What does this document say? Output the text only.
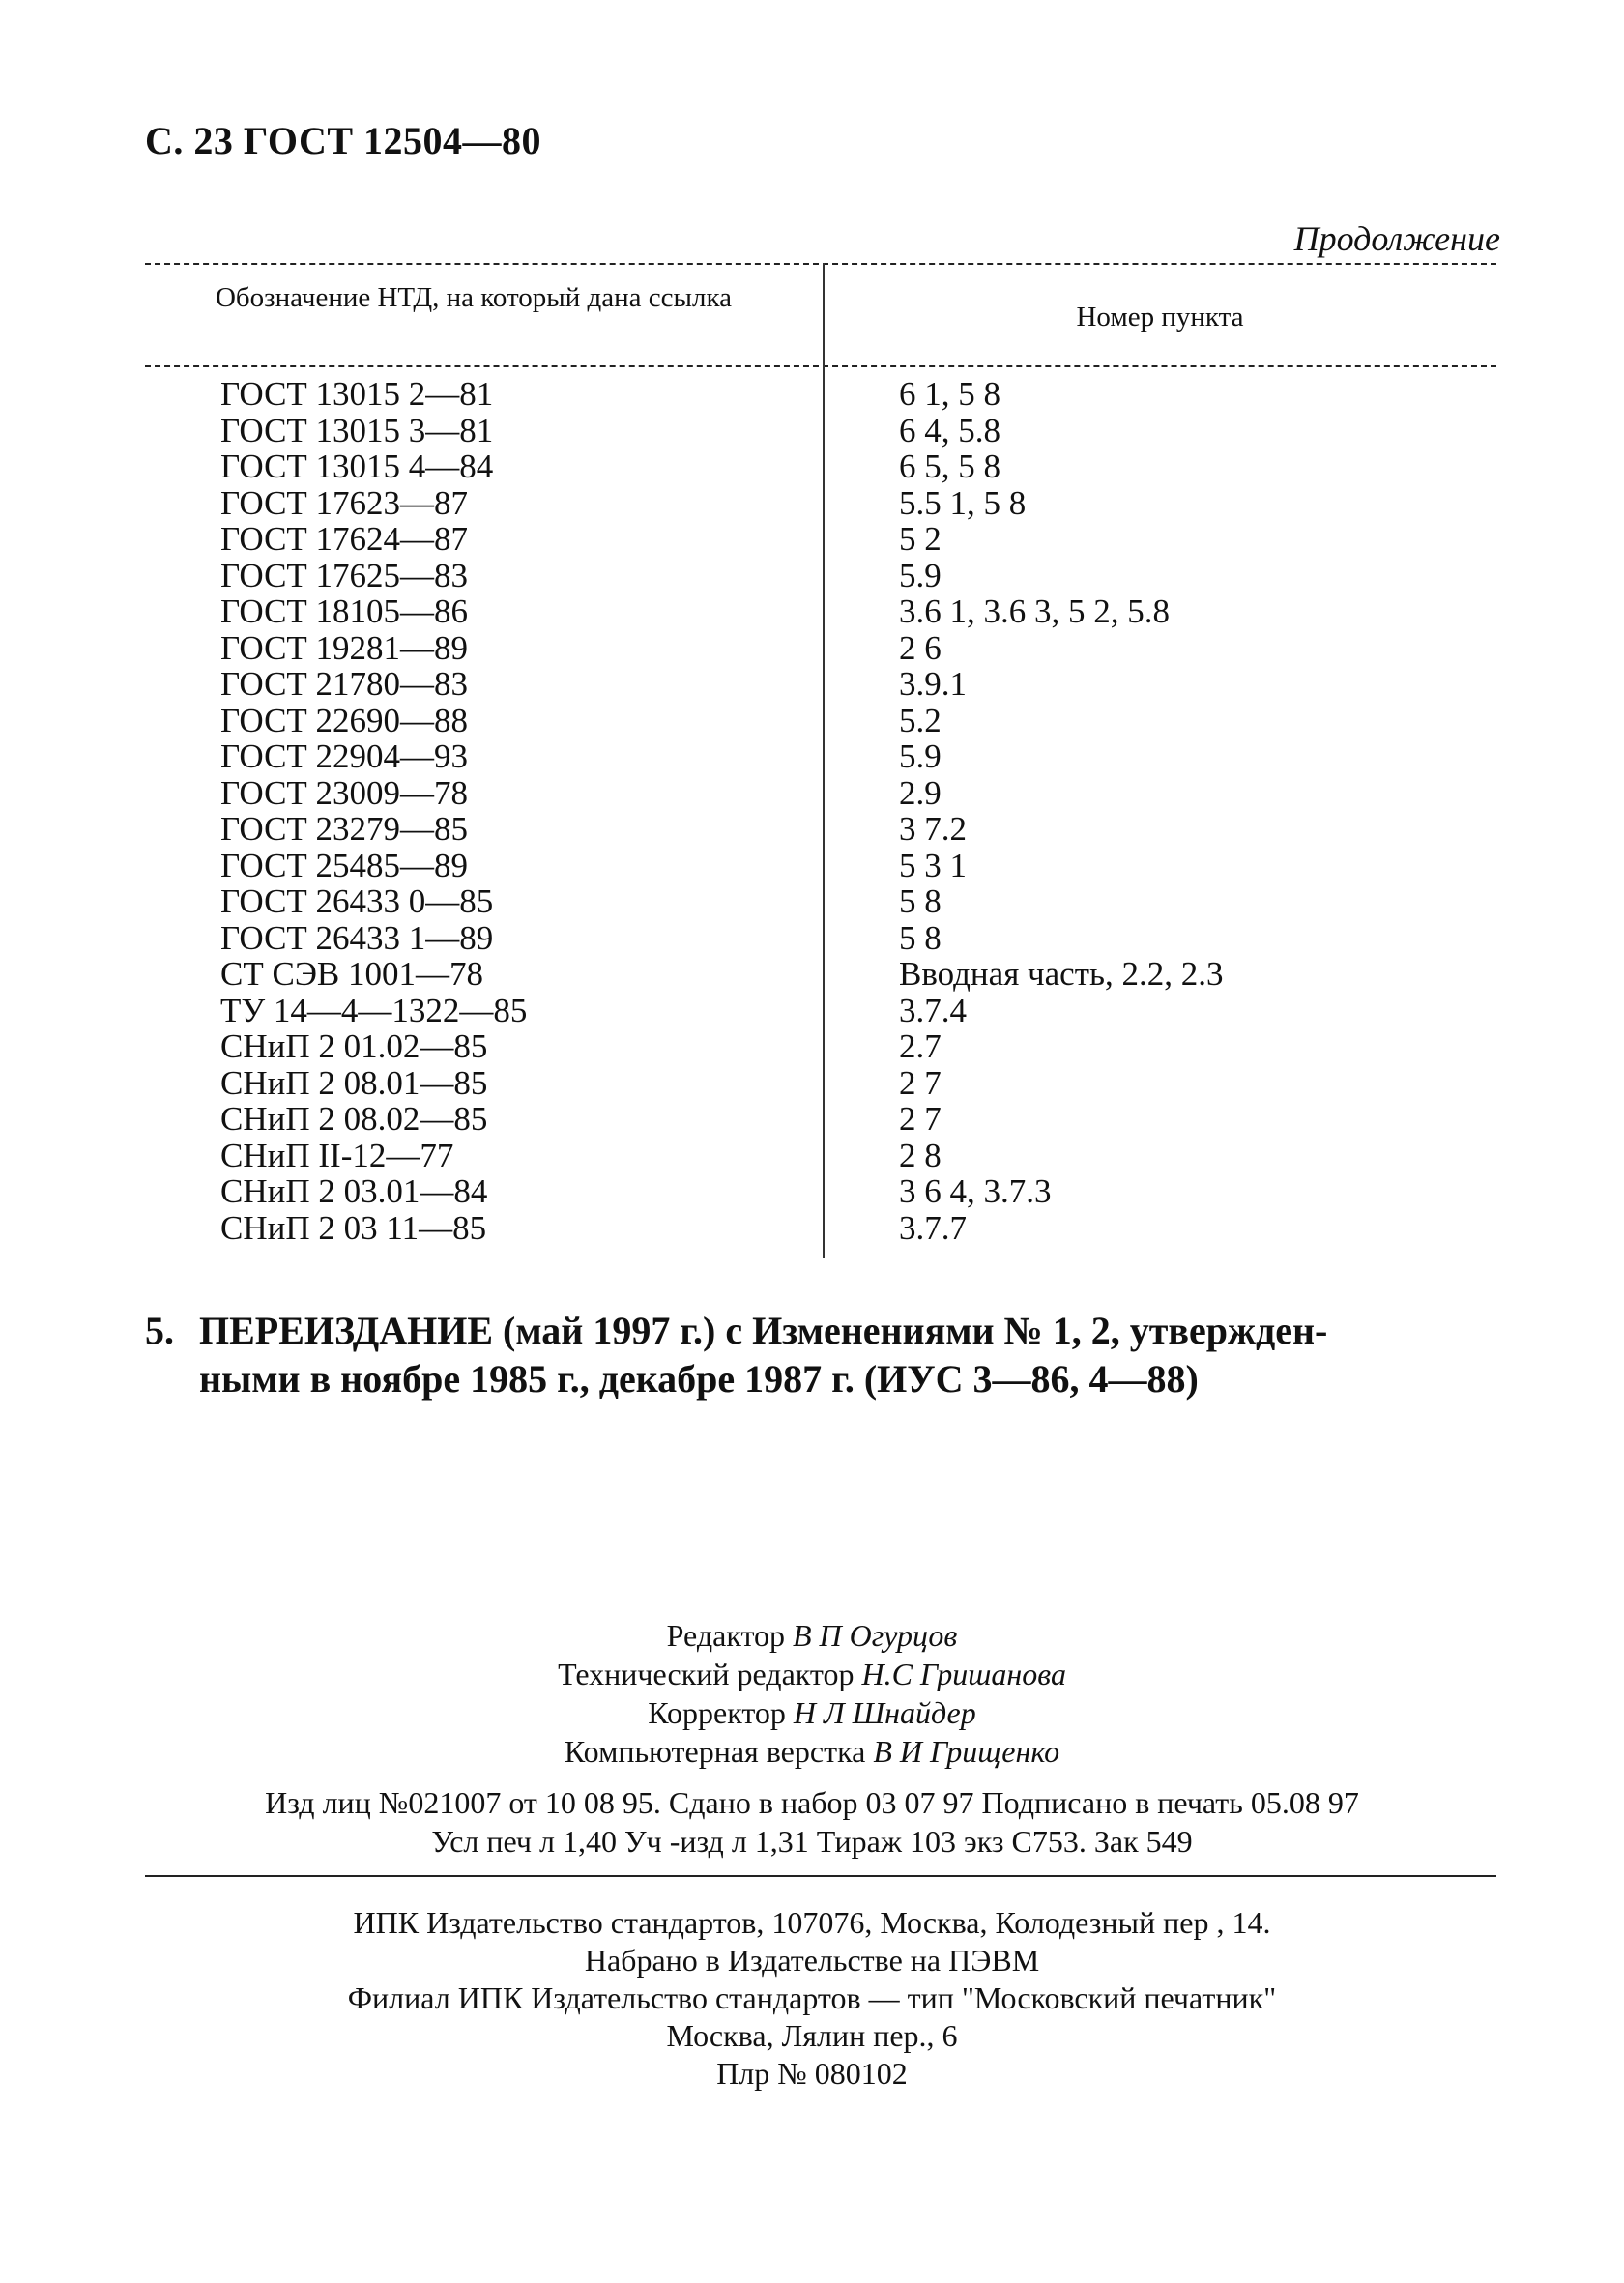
С. 23 ГОСТ 12504—80
Продолжение
Обозначение НТД, на который дана ссылка
Номер пункта
ГОСТ 13015 2—81	6 1, 5 8
ГОСТ 13015 3—81	6 4, 5.8
ГОСТ 13015 4—84	6 5, 5 8
ГОСТ 17623—87	5.5 1, 5 8
ГОСТ 17624—87	5 2
ГОСТ 17625—83	5.9
ГОСТ 18105—86	3.6 1, 3.6 3, 5 2, 5.8
ГОСТ 19281—89	2 6
ГОСТ 21780—83	3.9.1
ГОСТ 22690—88	5.2
ГОСТ 22904—93	5.9
ГОСТ 23009—78	2.9
ГОСТ 23279—85	3 7.2
ГОСТ 25485—89	5 3 1
ГОСТ 26433 0—85	5 8
ГОСТ 26433 1—89	5 8
СТ СЭВ 1001—78	Вводная часть, 2.2, 2.3
ТУ 14—4—1322—85	3.7.4
СНиП 2 01.02—85	2.7
СНиП 2 08.01—85	2 7
СНиП 2 08.02—85	2 7
СНиП II-12—77	2 8
СНиП 2 03.01—84	3 6 4, 3.7.3
СНиП 2 03 11—85	3.7.7
5. ПЕРЕИЗДАНИЕ (май 1997 г.) с Изменениями № 1, 2, утвержден-
ными в ноябре 1985 г., декабре 1987 г. (ИУС 3—86, 4—88)
Редактор В П Огурцов
Технический редактор Н.С Гришанова
Корректор Н Л Шнайдер
Компьютерная верстка В И Грищенко
Изд лиц №021007 от 10 08 95. Сдано в набор 03 07 97 Подписано в печать 05.08 97
Усл печ л 1,40 Уч -изд л 1,31 Тираж 103 экз С753. Зак 549
ИПК Издательство стандартов, 107076, Москва, Колодезный пер , 14.
Набрано в Издательстве на ПЭВМ
Филиал ИПК Издательство стандартов — тип "Московский печатник"
Москва, Лялин пер., 6
Плр № 080102
